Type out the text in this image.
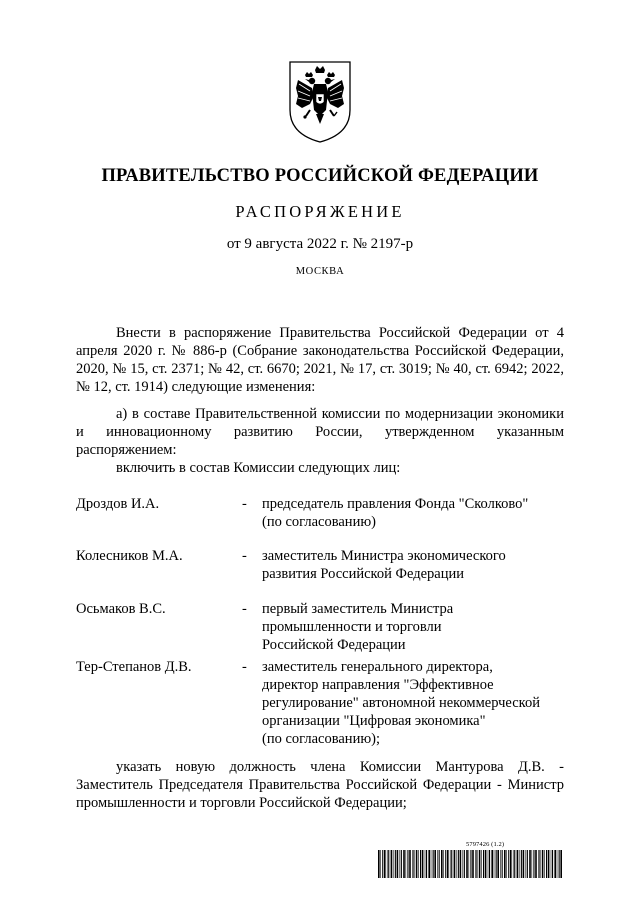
ПРАВИТЕЛЬСТВО РОССИЙСКОЙ ФЕДЕРАЦИИ
РАСПОРЯЖЕНИЕ
от 9 августа 2022 г. № 2197-р
МОСКВА
Внести в распоряжение Правительства Российской Федерации от 4 апреля 2020 г. № 886-р (Собрание законодательства Российской Федерации, 2020, № 15, ст. 2371; № 42, ст. 6670; 2021, № 17, ст. 3019; № 40, ст. 6942; 2022, № 12, ст. 1914) следующие изменения:
а) в составе Правительственной комиссии по модернизации экономики и инновационному развитию России, утвержденном указанным распоряжением:
включить в состав Комиссии следующих лиц:
Дроздов И.А.	- председатель правления Фонда "Сколково"
(по согласованию)
Колесников М.А.	- заместитель Министра экономического
развития Российской Федерации
Осьмаков В.С.	- первый заместитель Министра
промышленности и торговли
Российской Федерации
Тер-Степанов Д.В.	- заместитель генерального директора,
директор направления "Эффективное
регулирование" автономной некоммерческой
организации "Цифровая экономика"
(по согласованию);
указать новую должность члена Комиссии Мантурова Д.В. - Заместитель Председателя Правительства Российской Федерации - Министр промышленности и торговли Российской Федерации;
5797426 (1.2)
